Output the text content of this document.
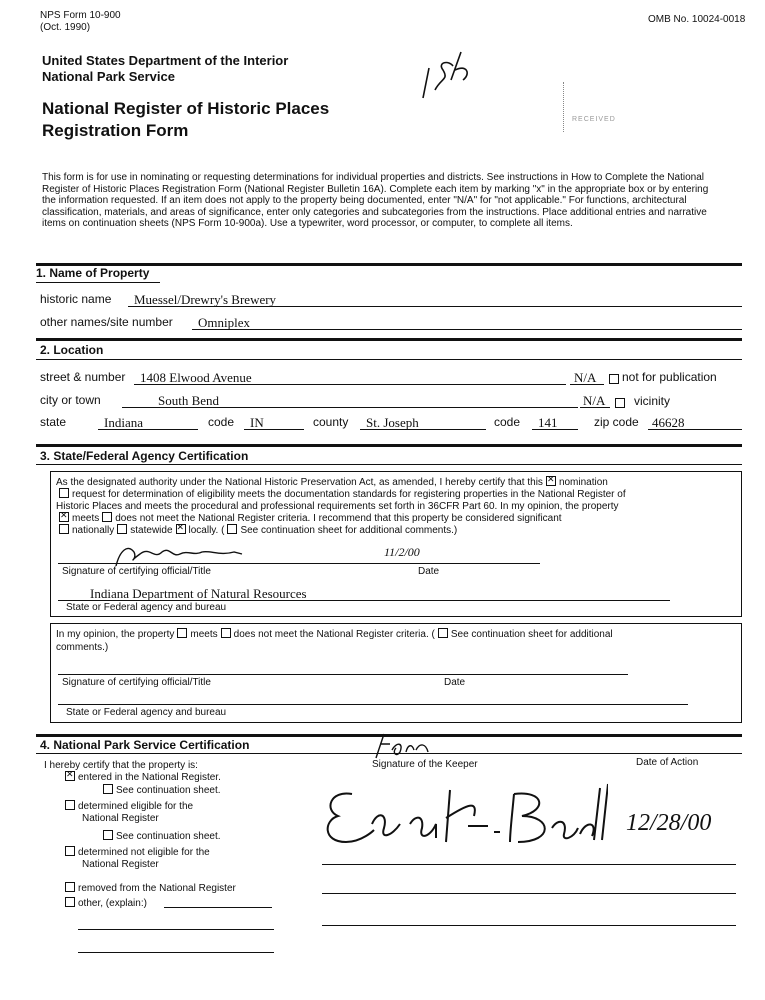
NPS Form 10-900
(Oct. 1990)
OMB No. 10024-0018
United States Department of the Interior
National Park Service
National Register of Historic Places
Registration Form
RECEIVED
This form is for use in nominating or requesting determinations for individual properties and districts. See instructions in How to Complete the National Register of Historic Places Registration Form (National Register Bulletin 16A). Complete each item by marking "x" in the appropriate box or by entering the information requested. If an item does not apply to the property being documented, enter "N/A" for "not applicable." For functions, architectural classification, materials, and areas of significance, enter only categories and subcategories from the instructions. Place additional entries and narrative items on continuation sheets (NPS Form 10-900a). Use a typewriter, word processor, or computer, to complete all items.
1. Name of Property
historic name Muessel/Drewry's Brewery
other names/site number Omniplex
2. Location
street & number 1408 Elwood Avenue	N/A not for publication
city or town	South Bend	N/A vicinity
state	Indiana	code IN	county St. Joseph	code 141	zip code 46628
3. State/Federal Agency Certification
As the designated authority under the National Historic Preservation Act, as amended, I hereby certify that this ✕ nomination
request for determination of eligibility meets the documentation standards for registering properties in the National Register of
Historic Places and meets the procedural and professional requirements set forth in 36CFR Part 60. In my opinion, the property
✕meets does not meet the National Register criteria. I recommend that this property be considered significant
nationally statewide ✕ locally. ( See continuation sheet for additional comments.)
11/2/00
Signature of certifying official/Title	Date
Indiana Department of Natural Resources
State or Federal agency and bureau
In my opinion, the property meets does not meet the National Register criteria. ( See continuation sheet for additional
comments.)
Signature of certifying official/Title	Date
State or Federal agency and bureau
4. National Park Service Certification
I hereby certify that the property is:	Signature of the Keeper	Date of Action
✕entered in the National Register.
See continuation sheet.
determined eligible for the
National Register
See continuation sheet.
determined not eligible for the
National Register
removed from the National Register
other, (explain:)
12/28/00
